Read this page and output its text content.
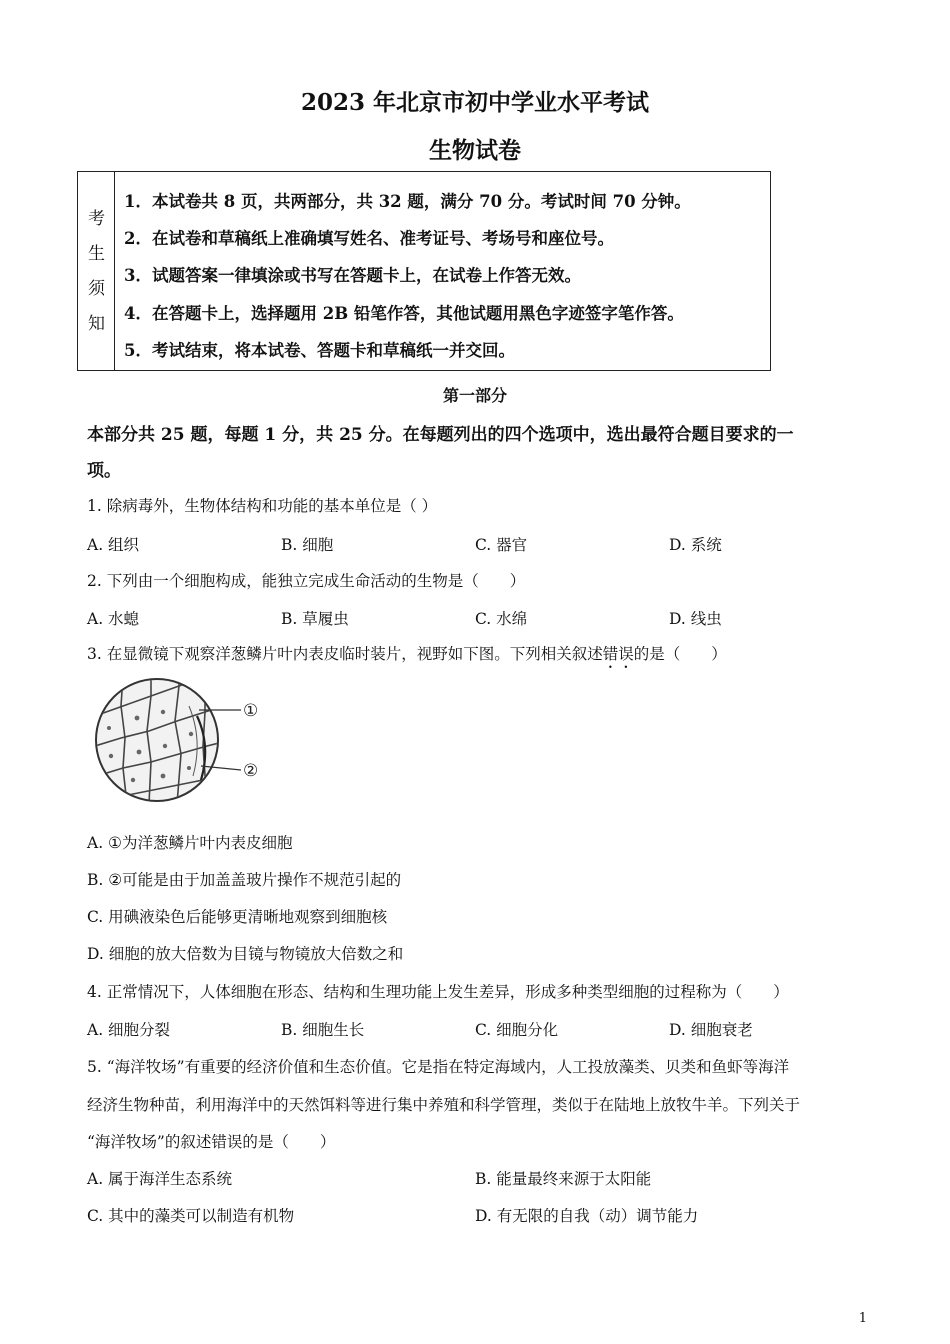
2023 年北京市初中学业水平考试
生物试卷
考
生
须
知
1．本试卷共 8 页，共两部分，共 32 题，满分 70 分。考试时间 70 分钟。
2．在试卷和草稿纸上准确填写姓名、准考证号、考场号和座位号。
3．试题答案一律填涂或书写在答题卡上，在试卷上作答无效。
4．在答题卡上，选择题用 2B 铅笔作答，其他试题用黑色字迹签字笔作答。
5．考试结束，将本试卷、答题卡和草稿纸一并交回。
第一部分
本部分共 25 题，每题 1 分，共 25 分。在每题列出的四个选项中，选出最符合题目要求的一
项。
1. 除病毒外，生物体结构和功能的基本单位是（ ）
A. 组织	B. 细胞	C. 器官	D. 系统
2. 下列由一个细胞构成，能独立完成生命活动的生物是（　　）
A. 水螅	B. 草履虫	C. 水绵	D. 线虫
3. 在显微镜下观察洋葱鳞片叶内表皮临时装片，视野如下图。下列相关叙述错误的是（　　）
①
②
A. ①为洋葱鳞片叶内表皮细胞
B. ②可能是由于加盖盖玻片操作不规范引起的
C. 用碘液染色后能够更清晰地观察到细胞核
D. 细胞的放大倍数为目镜与物镜放大倍数之和
4. 正常情况下，人体细胞在形态、结构和生理功能上发生差异，形成多种类型细胞的过程称为（　　）
A. 细胞分裂	B. 细胞生长	C. 细胞分化	D. 细胞衰老
5. “海洋牧场”有重要的经济价值和生态价值。它是指在特定海域内，人工投放藻类、贝类和鱼虾等海洋
经济生物种苗，利用海洋中的天然饵料等进行集中养殖和科学管理，类似于在陆地上放牧牛羊。下列关于
“海洋牧场”的叙述错误的是（　　）
A. 属于海洋生态系统	B. 能量最终来源于太阳能
C. 其中的藻类可以制造有机物	D. 有无限的自我（动）调节能力
1
